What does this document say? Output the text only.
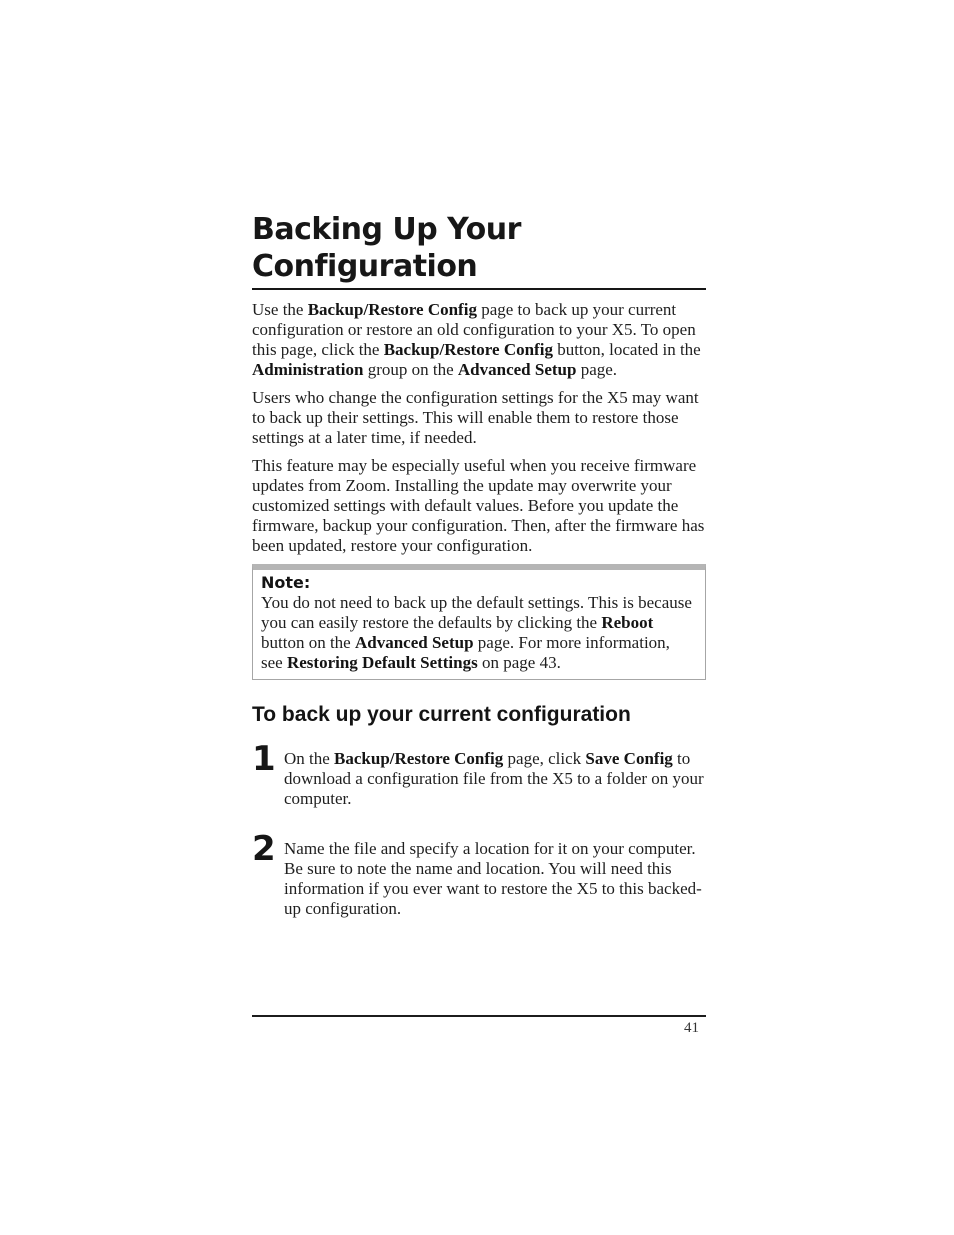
Backing Up Your
Configuration

Use the Backup/Restore Config page to back up your current configuration or restore an old configuration to your X5. To open this page, click the Backup/Restore Config button, located in the Administration group on the Advanced Setup page.

Users who change the configuration settings for the X5 may want to back up their settings. This will enable them to restore those settings at a later time, if needed.

This feature may be especially useful when you receive firmware updates from Zoom. Installing the update may overwrite your customized settings with default values. Before you update the firmware, backup your configuration. Then, after the firmware has been updated, restore your configuration.

Note:

You do not need to back up the default settings. This is because you can easily restore the defaults by clicking the Reboot button on the Advanced Setup page. For more information, see Restoring Default Settings on page 43.

To back up your current configuration
1 On the Backup/Restore Config page, click Save Config to download a configuration file from the X5 to a folder on your computer.

2 Name the file and specify a location for it on your computer. Be sure to note the name and location. You will need this information if you ever want to restore the X5 to this backed-up configuration.

41
